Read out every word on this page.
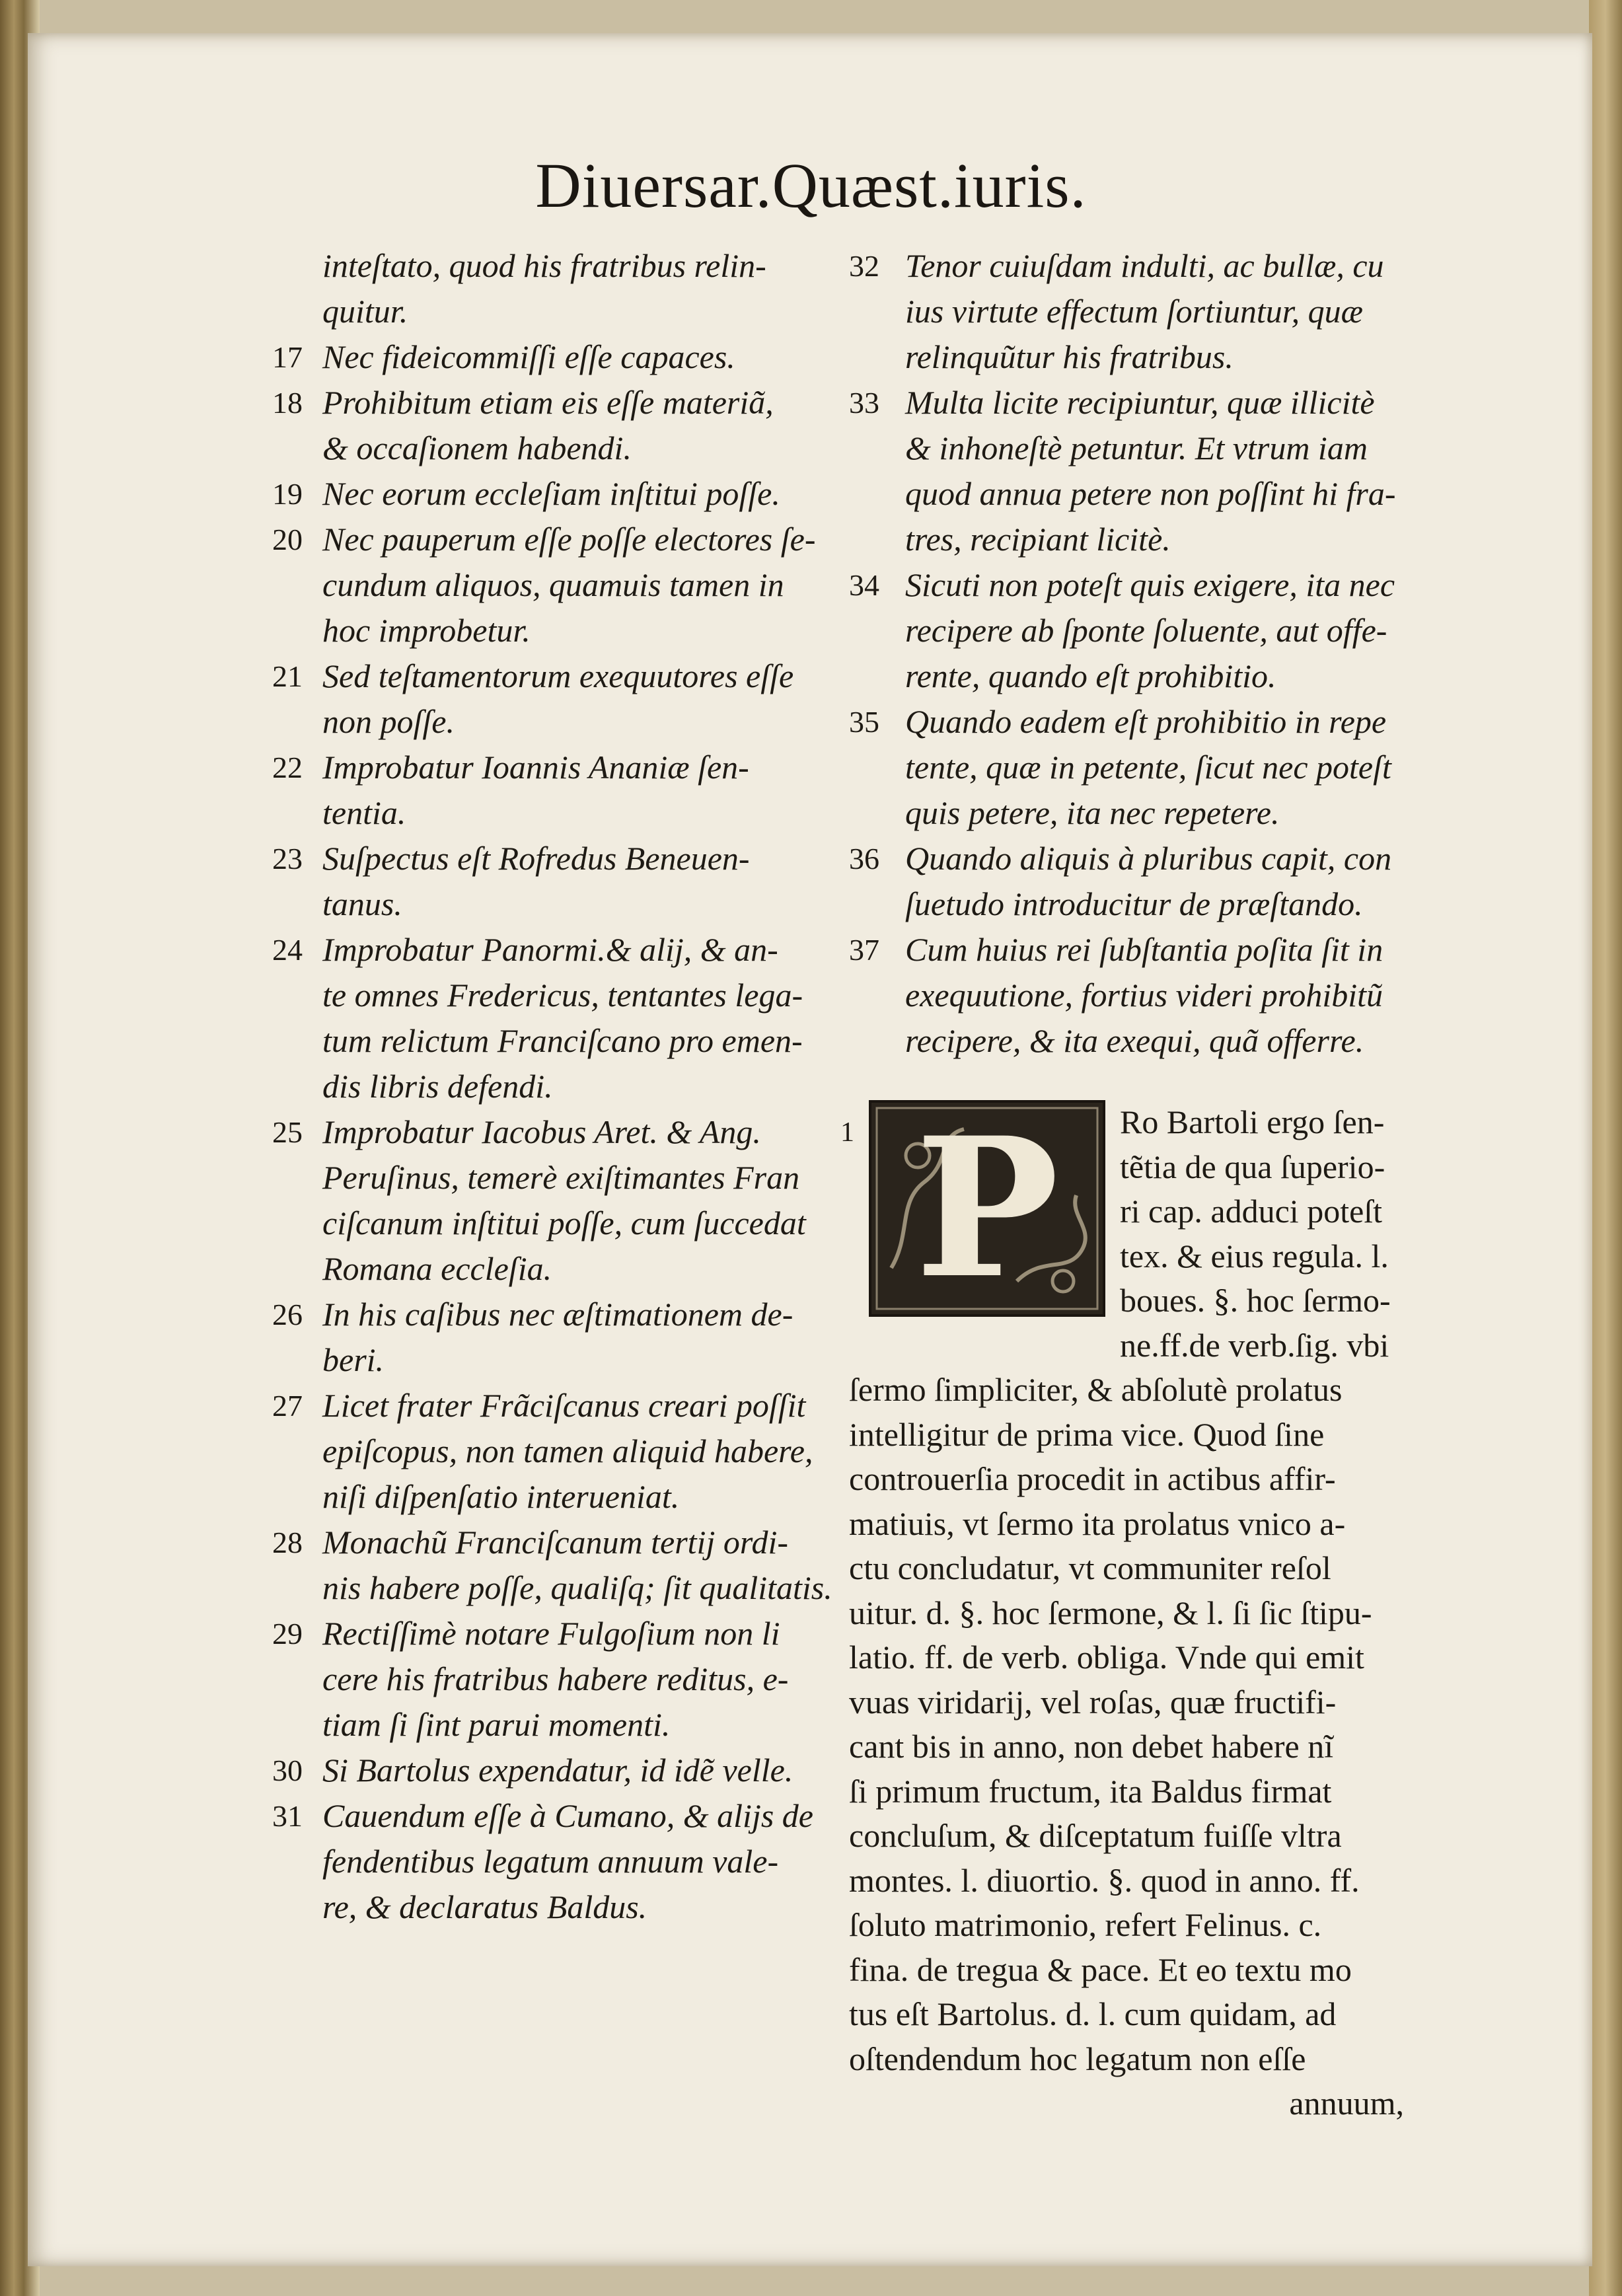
Diuersar.Quæst.iuris.
inteſtato, quod his fratribus relin-
quitur.
17 Nec fideicommiſſi eſſe capaces.
18 Prohibitum etiam eis eſſe materiã,
& occaſionem habendi.
19 Nec eorum eccleſiam inſtitui poſſe.
20 Nec pauperum eſſe poſſe electores ſe-
cundum aliquos, quamuis tamen in
hoc improbetur.
21 Sed teſtamentorum exequutores eſſe
non poſſe.
22 Improbatur Ioannis Ananiæ ſen-
tentia.
23 Suſpectus eſt Rofredus Beneuen-
tanus.
24 Improbatur Panormi.& alij, & an-
te omnes Fredericus, tentantes lega-
tum relictum Franciſcano pro emen-
dis libris defendi.
25 Improbatur Iacobus Aret. & Ang.
Peruſinus, temerè exiſtimantes Fran
ciſcanum inſtitui poſſe, cum ſuccedat
Romana eccleſia.
26 In his caſibus nec æſtimationem de-
beri.
27 Licet frater Frãciſcanus creari poſſit
epiſcopus, non tamen aliquid habere,
niſi diſpenſatio interueniat.
28 Monachũ Franciſcanum tertij ordi-
nis habere poſſe, qualiſq; ſit qualitatis.
29 Rectiſſimè notare Fulgoſium non li
cere his fratribus habere reditus, e-
tiam ſi ſint parui momenti.
30 Si Bartolus expendatur, id idẽ velle.
31 Cauendum eſſe à Cumano, & alijs de
fendentibus legatum annuum vale-
re, & declaratus Baldus.
32 Tenor cuiuſdam indulti, ac bullæ, cu
ius virtute effectum ſortiuntur, quæ
relinquũtur his fratribus.
33 Multa licite recipiuntur, quæ illicitè
& inhoneſtè petuntur. Et vtrum iam
quod annua petere non poſſint hi fra-
tres, recipiant licitè.
34 Sicuti non poteſt quis exigere, ita nec
recipere ab ſponte ſoluente, aut offe-
rente, quando eſt prohibitio.
35 Quando eadem eſt prohibitio in repe
tente, quæ in petente, ſicut nec poteſt
quis petere, ita nec repetere.
36 Quando aliquis à pluribus capit, con
ſuetudo introducitur de præſtando.
37 Cum huius rei ſubſtantia poſita ſit in
exequutione, fortius videri prohibitũ
recipere, & ita exequi, quã offerre.
1 P	Ro Bartoli ergo ſen-
tẽtia de qua ſuperio-
ri cap. adduci poteſt
tex. & eius regula. l.
boues. §. hoc ſermo-
ne.ff.de verb.ſig. vbi
ſermo ſimpliciter, & abſolutè prolatus
intelligitur de prima vice. Quod ſine
controuerſia procedit in actibus affir-
matiuis, vt ſermo ita prolatus vnico a-
ctu concludatur, vt communiter reſol
uitur. d. §. hoc ſermone, & l. ſi ſic ſtipu-
latio. ff. de verb. obliga. Vnde qui emit
vuas viridarij, vel roſas, quæ fructifi-
cant bis in anno, non debet habere nĩ
ſi primum fructum, ita Baldus firmat
concluſum, & diſceptatum fuiſſe vltra
montes. l. diuortio. §. quod in anno. ff.
ſoluto matrimonio, refert Felinus. c.
fina. de tregua & pace. Et eo textu mo
tus eſt Bartolus. d. l. cum quidam, ad
oſtendendum hoc legatum non eſſe
annuum,
